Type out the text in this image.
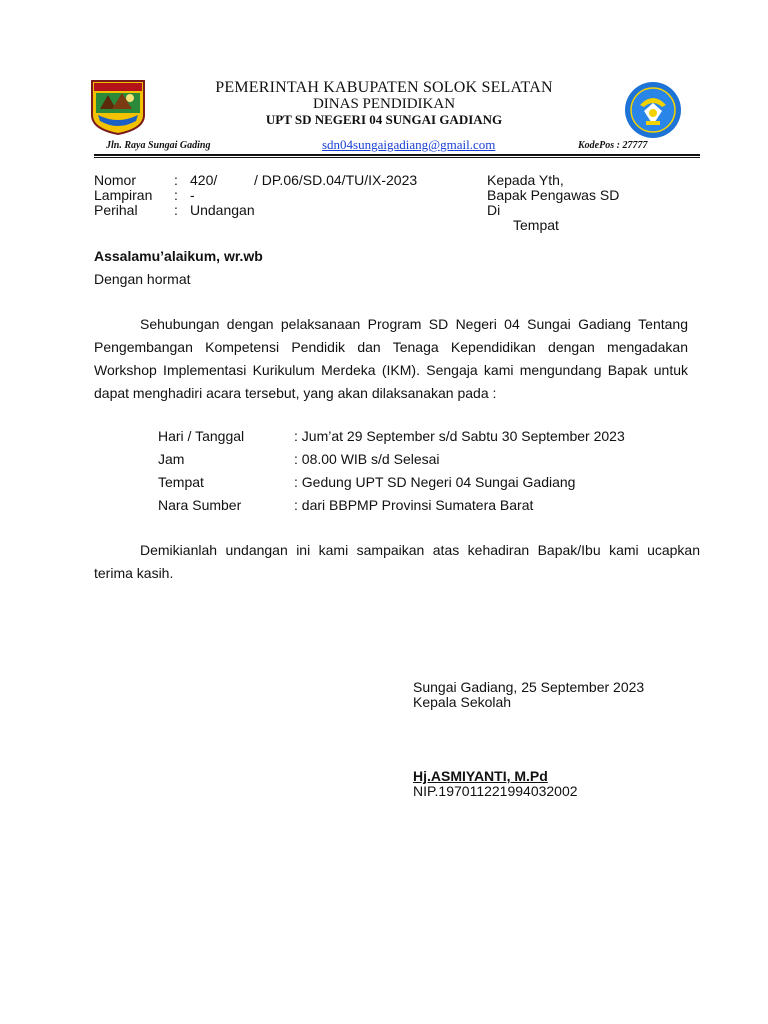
PEMERINTAH KABUPATEN SOLOK SELATAN
DINAS PENDIDIKAN
UPT SD NEGERI 04 SUNGAI GADIANG
Jln. Raya Sungai Gading	sdn04sungaigadiang@gmail.com	KodePos : 27777
Nomor	: 420/	/ DP.06/SD.04/TU/IX-2023
Lampiran : -
Perihal	: Undangan
Kepada Yth,
Bapak Pengawas SD
Di
Tempat
Assalamu’alaikum, wr.wb
Dengan hormat
Sehubungan dengan pelaksanaan Program SD Negeri 04 Sungai Gadiang Tentang Pengembangan Kompetensi Pendidik dan Tenaga Kependidikan dengan mengadakan Workshop Implementasi Kurikulum Merdeka (IKM). Sengaja kami mengundang Bapak untuk dapat menghadiri acara tersebut, yang akan dilaksanakan pada :
Hari / Tanggal	: Jum’at 29 September s/d Sabtu 30 September 2023
Jam	: 08.00 WIB s/d Selesai
Tempat	: Gedung UPT SD Negeri 04 Sungai Gadiang
Nara Sumber	: dari BBPMP Provinsi Sumatera Barat
Demikianlah undangan ini kami sampaikan atas kehadiran Bapak/Ibu kami ucapkan terima kasih.
Sungai Gadiang, 25 September 2023
Kepala Sekolah
Hj.ASMIYANTI, M.Pd
NIP.197011221994032002
